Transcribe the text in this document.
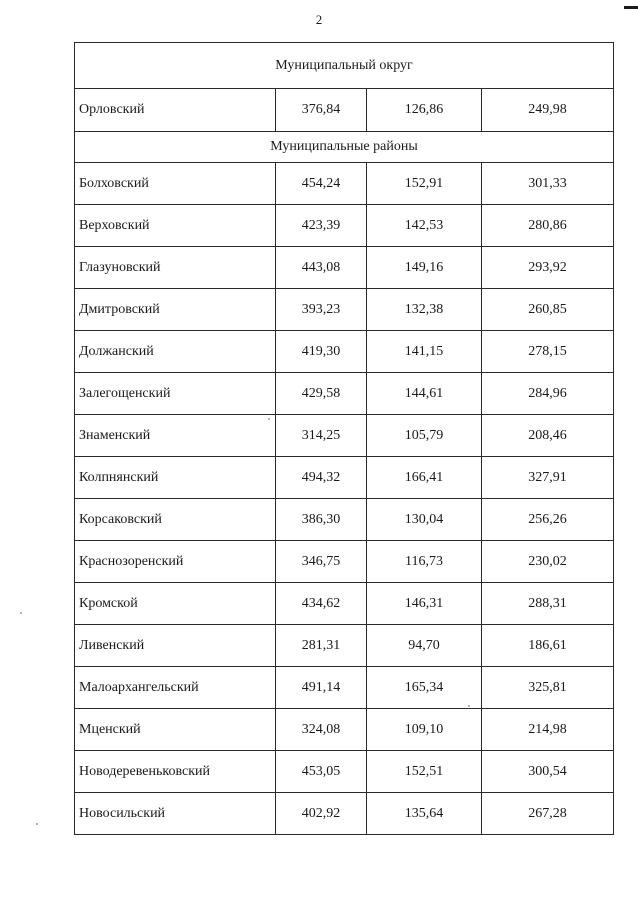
2
Муниципальный округ			
Орловский	376,84	126,86	249,98
Муниципальные районы			
Болховский	454,24	152,91	301,33
Верховский	423,39	142,53	280,86
Глазуновский	443,08	149,16	293,92
Дмитровский	393,23	132,38	260,85
Должанский	419,30	141,15	278,15
Залегощенский	429,58	144,61	284,96
Знаменский	314,25	105,79	208,46
Колпнянский	494,32	166,41	327,91
Корсаковский	386,30	130,04	256,26
Краснозоренский	346,75	116,73	230,02
Кромской	434,62	146,31	288,31
Ливенский	281,31	94,70	186,61
Малоархангельский	491,14	165,34	325,81
Мценский	324,08	109,10	214,98
Новодеревеньковский	453,05	152,51	300,54
Новосильский	402,92	135,64	267,28
